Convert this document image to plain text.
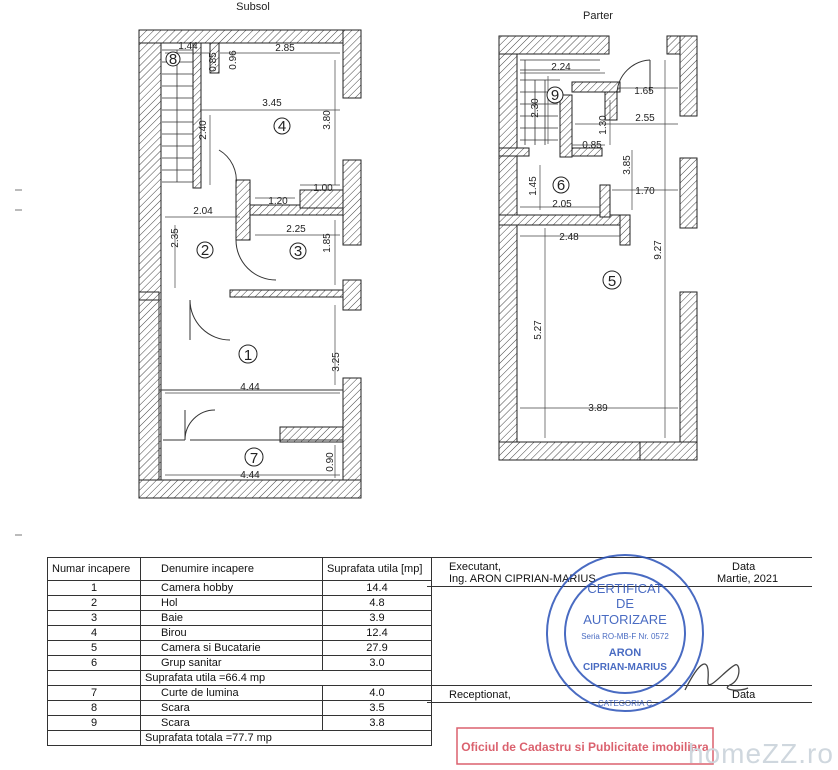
Subsol
1.44
0.85 0.96
2.85
3.45
2.40
3.80
1.20
1.00
2.04
2.25
2.35	1.85
3.25
4.44
4.44
0.90
8
4
2	3
1
7
Parter
2.24
2.30
1.65
1.30	2.55
0.85
1.45
3.85
2.05
1.70
2.48
9.27
5.27
3.89
9
6
5
Numar incapere	Denumire incapere	Suprafata utila [mp]
1	Camera hobby	14.4
2	Hol	4.8
3	Baie	3.9
4	Birou	12.4
5	Camera si Bucatarie	27.9
6	Grup sanitar	3.0
	Suprafata utila =66.4 mp	
7	Curte de lumina	4.0
8	Scara	3.5
9	Scara	3.8
	Suprafata totala =77.7 mp	
Executant,	Data
Ing. ARON CIPRIAN-MARIUS	Martie, 2021
Receptionat,	Data
CERTIFICAT
DE
AUTORIZARE
Seria RO-MB-F Nr. 0572
ARON
CIPRIAN-MARIUS
CATEGORIA C
Oficiul de Cadastru si Publicitate imobiliara
homeZZ.ro
